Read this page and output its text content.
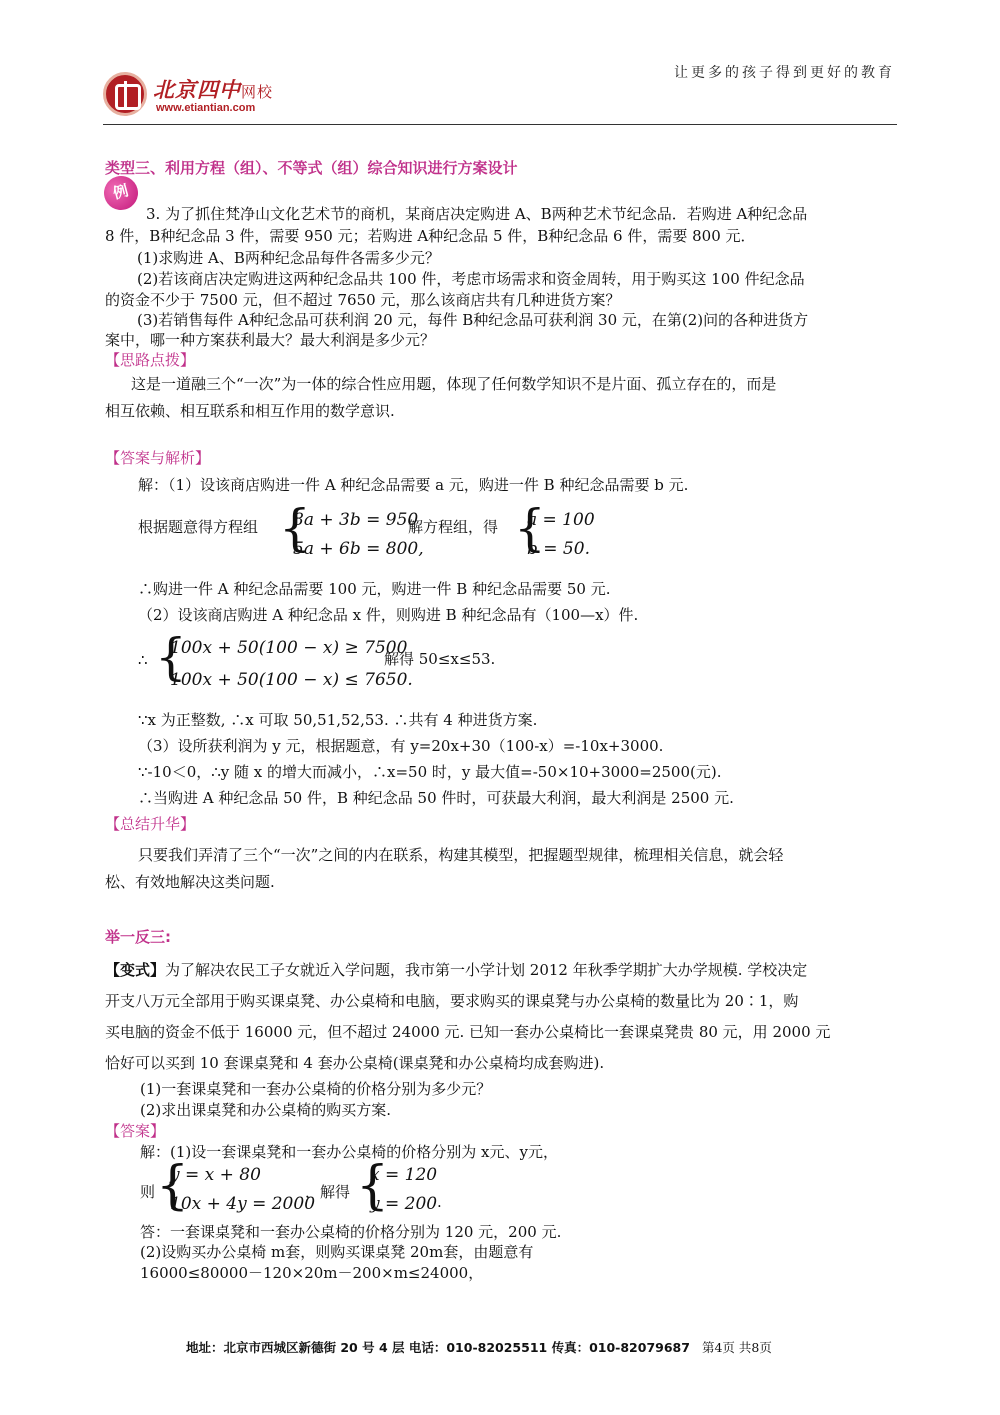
让更多的孩子得到更好的教育
北京四中网校
www.etiantian.com
类型三、利用方程（组）、不等式（组）综合知识进行方案设计
例
3. 为了抓住梵净山文化艺术节的商机，某商店决定购进 A、B两种艺术节纪念品．若购进 A种纪念品
8 件，B种纪念品 3 件，需要 950 元；若购进 A种纪念品 5 件，B种纪念品 6 件，需要 800 元．
(1)求购进 A、B两种纪念品每件各需多少元？
(2)若该商店决定购进这两种纪念品共 100 件，考虑市场需求和资金周转，用于购买这 100 件纪念品
的资金不少于 7500 元，但不超过 7650 元，那么该商店共有几种进货方案？
(3)若销售每件 A种纪念品可获利润 20 元，每件 B种纪念品可获利润 30 元，在第(2)问的各种进货方
案中，哪一种方案获利最大？最大利润是多少元？
【思路点拨】
这是一道融三个“一次”为一体的综合性应用题，体现了任何数学知识不是片面、孤立存在的，而是
相互依赖、相互联系和相互作用的数学意识.
【答案与解析】
解：（1）设该商店购进一件 A 种纪念品需要 a 元，购进一件 B 种纪念品需要 b 元.
根据题意得方程组 {
8a + 3b = 950
5a + 6b = 800,
解方程组，得 {
a = 100
b = 50.
∴购进一件 A 种纪念品需要 100 元，购进一件 B 种纪念品需要 50 元.
（2）设该商店购进 A 种纪念品 x 件，则购进 B 种纪念品有（100—x）件.
∴ {
100x + 50(100 − x) ≥ 7500
100x + 50(100 − x) ≤ 7650.
解得 50≤x≤53.
∵x 为正整数, ∴x 可取 50,51,52,53. ∴共有 4 种进货方案.
（3）设所获利润为 y 元，根据题意，有 y=20x+30（100-x）=-10x+3000.
∵-10＜0，∴y 随 x 的增大而减小，∴x=50 时，y 最大值=-50×10+3000=2500(元).
∴当购进 A 种纪念品 50 件，B 种纪念品 50 件时，可获最大利润，最大利润是 2500 元.
【总结升华】
只要我们弄清了三个“一次”之间的内在联系，构建其模型，把握题型规律，梳理相关信息，就会轻
松、有效地解决这类问题.
举一反三:
【变式】为了解决农民工子女就近入学问题，我市第一小学计划 2012 年秋季学期扩大办学规模. 学校决定
开支八万元全部用于购买课桌凳、办公桌椅和电脑，要求购买的课桌凳与办公桌椅的数量比为 20∶1，购
买电脑的资金不低于 16000 元，但不超过 24000 元. 已知一套办公桌椅比一套课桌凳贵 80 元，用 2000 元
恰好可以买到 10 套课桌凳和 4 套办公桌椅(课桌凳和办公桌椅均成套购进).
(1)一套课桌凳和一套办公桌椅的价格分别为多少元？
(2)求出课桌凳和办公桌椅的购买方案.
【答案】
解：(1)设一套课桌凳和一套办公桌椅的价格分别为 x元、y元，
则 {
y = x + 80
10x + 4y = 2000
，解得 {
x = 120
y = 200 .
答：一套课桌凳和一套办公桌椅的价格分别为 120 元，200 元.
(2)设购买办公桌椅 m套，则购买课桌凳 20m套，由题意有
16000≤80000－120×20m－200×m≤24000，
地址：北京市西城区新德街 20 号 4 层 电话：010-82025511 传真：010-82079687 第4页 共8页
